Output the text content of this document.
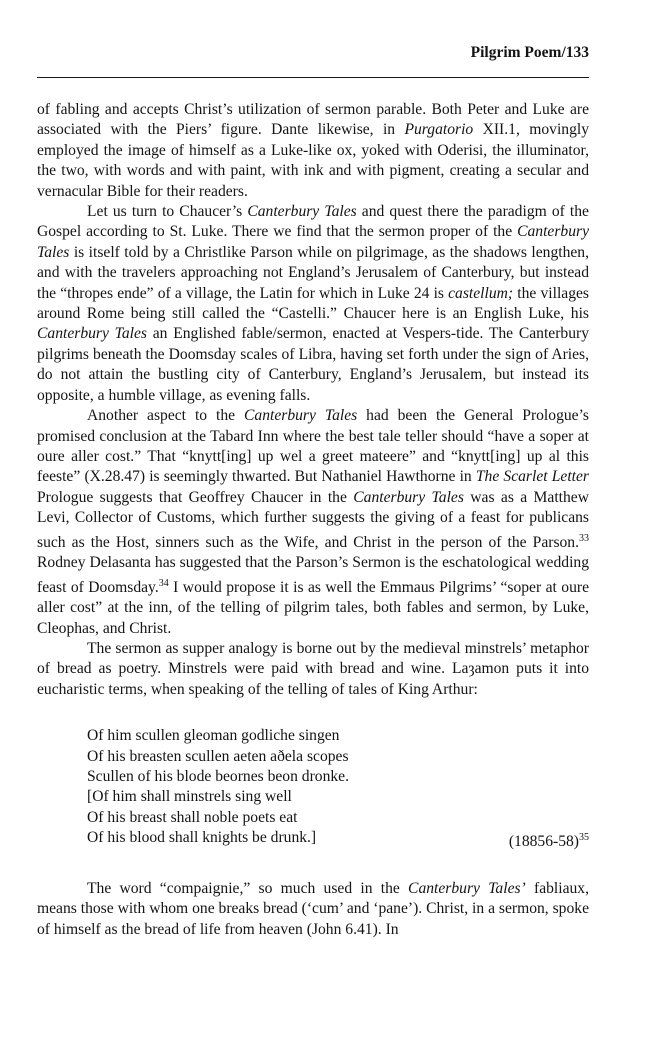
Pilgrim Poem/133

of fabling and accepts Christ’s utilization of sermon parable. Both Peter and Luke are associated with the Piers’ figure. Dante likewise, in Purgatorio XII.1, movingly employed the image of himself as a Luke-like ox, yoked with Oderisi, the illuminator, the two, with words and with paint, with ink and with pigment, creating a secular and vernacular Bible for their readers.

Let us turn to Chaucer’s Canterbury Tales and quest there the paradigm of the Gospel according to St. Luke. There we find that the sermon proper of the Canterbury Tales is itself told by a Christlike Parson while on pilgrimage, as the shadows lengthen, and with the travelers approaching not England’s Jerusalem of Canterbury, but instead the “thropes ende” of a village, the Latin for which in Luke 24 is castellum; the villages around Rome being still called the “Castelli.” Chaucer here is an English Luke, his Canterbury Tales an Englished fable/sermon, enacted at Vespers-tide. The Canterbury pilgrims beneath the Doomsday scales of Libra, having set forth under the sign of Aries, do not attain the bustling city of Canterbury, England’s Jerusalem, but instead its opposite, a humble village, as evening falls.

Another aspect to the Canterbury Tales had been the General Prologue’s promised conclusion at the Tabard Inn where the best tale teller should “have a soper at oure aller cost.” That “knytt[ing] up wel a greet mateere” and “knytt[ing] up al this feeste” (X.28.47) is seemingly thwarted. But Nathaniel Hawthorne in The Scarlet Letter Prologue suggests that Geoffrey Chaucer in the Canterbury Tales was as a Matthew Levi, Collector of Customs, which further suggests the giving of a feast for publicans such as the Host, sinners such as the Wife, and Christ in the person of the Parson.$^{33}$ Rodney Delasanta has suggested that the Parson’s Sermon is the eschatological wedding feast of Doomsday.$^{34}$ I would propose it is as well the Emmaus Pilgrims’ “soper at oure aller cost” at the inn, of the telling of pilgrim tales, both fables and sermon, by Luke, Cleophas, and Christ.

The sermon as supper analogy is borne out by the medieval minstrels’ metaphor of bread as poetry. Minstrels were paid with bread and wine. Laȝamon puts it into eucharistic terms, when speaking of the telling of tales of King Arthur:

Of him scullen gleoman godliche singen
Of his breasten scullen aeten aðela scopes
Scullen of his blode beornes beon dronke.
[Of him shall minstrels sing well
Of his breast shall noble poets eat
Of his blood shall knights be drunk.]	$(18856-58)^{35}$

The word “compaignie,” so much used in the Canterbury Tales’ fabliaux, means those with whom one breaks bread (‘cum’ and ‘pane’). Christ, in a sermon, spoke of himself as the bread of life from heaven (John 6.41). In
